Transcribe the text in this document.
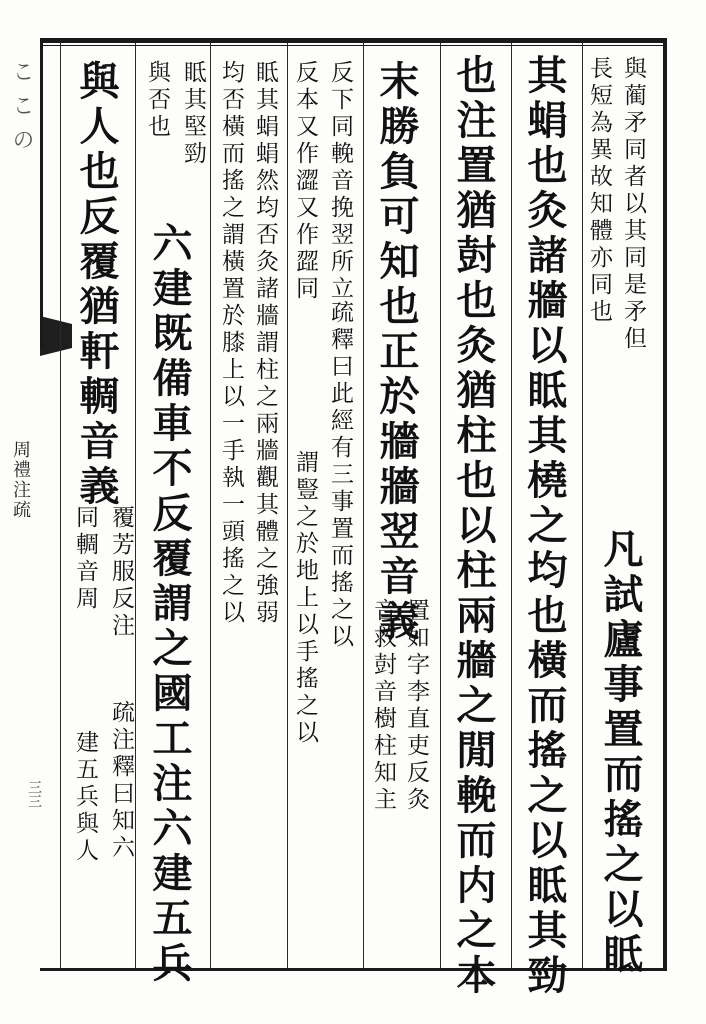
ここの
周禮注疏
三三	凡試廬事置而搖之以眡
與蔺矛同者以其同是矛但
長短為異故知體亦同也
其蜎也灸諸牆以眡其橈之均也橫而搖之以眡其勁
也注置猶尌也灸猶柱也以柱兩牆之閒輓而内之本
置如字李直吏反灸
音救尌音樹柱知主
末勝負可知也正於牆牆翌音義
反下同輓音挽翌所立
反本又作澀又作歰同
疏釋曰此經有三事置而搖之以
謂豎之於地上以手搖之以
眡其蜎蜎然均否灸諸牆謂柱之兩牆觀其體之強弱
均否橫而搖之謂橫置於膝上以一手執一頭搖之以
眡其堅勁
與否也
六建既備車不反覆謂之國工注六建五兵
與人也反覆猶軒輖音義
覆芳服反注
同輖音周
疏注釋曰知六
建五兵與人
